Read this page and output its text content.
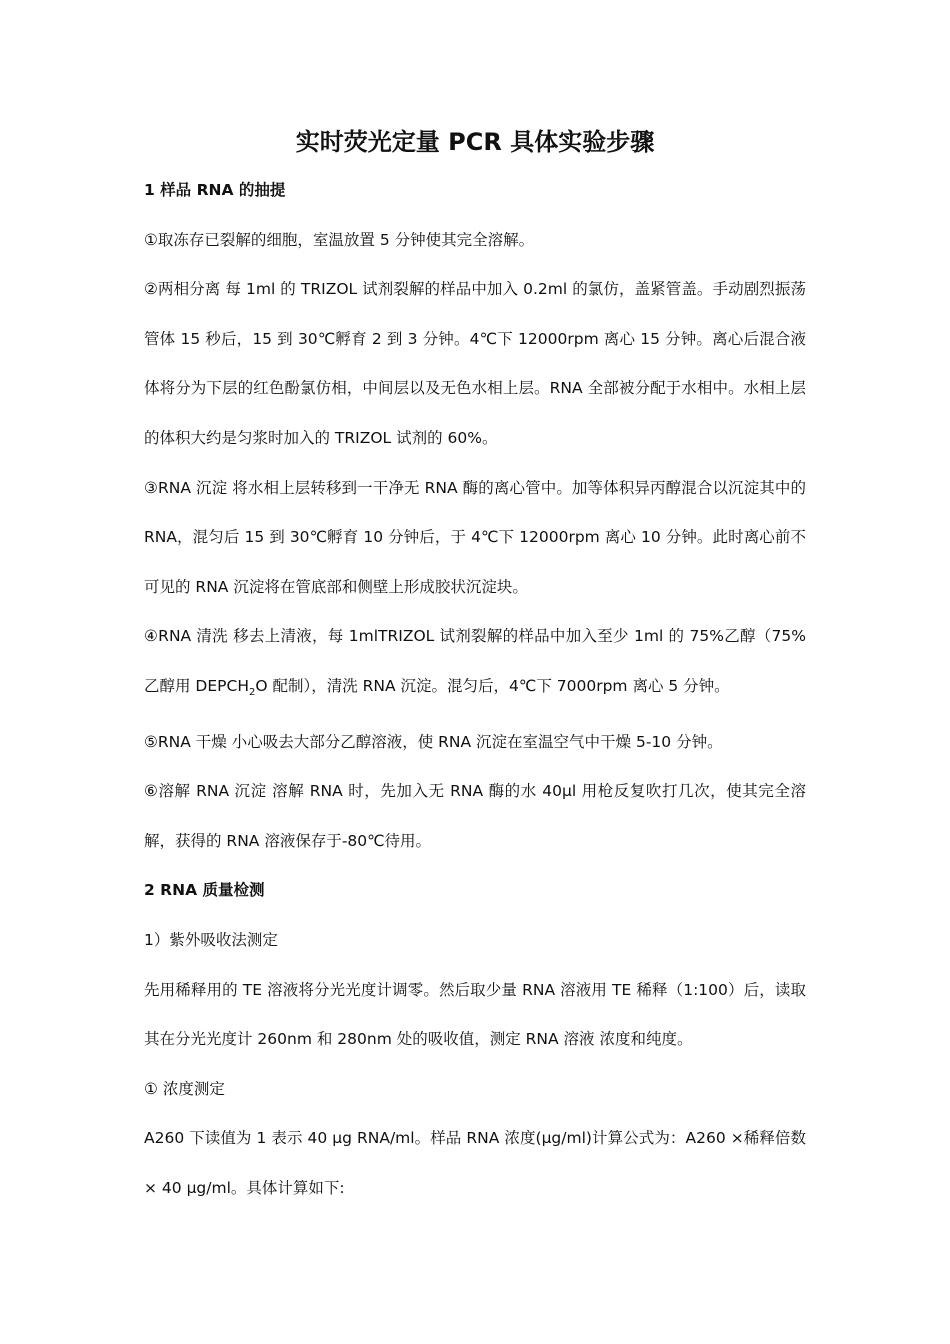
实时荧光定量 PCR 具体实验步骤

1 样品 RNA 的抽提

①取冻存已裂解的细胞，室温放置 5 分钟使其完全溶解。

②两相分离 每 1ml 的 TRIZOL 试剂裂解的样品中加入 0.2ml 的氯仿，盖紧管盖。手动剧烈振荡管体 15 秒后，15 到 30℃孵育 2 到 3 分钟。4℃下 12000rpm 离心 15 分钟。离心后混合液体将分为下层的红色酚氯仿相，中间层以及无色水相上层。RNA 全部被分配于水相中。水相上层的体积大约是匀浆时加入的 TRIZOL 试剂的 60%。

③RNA 沉淀 将水相上层转移到一干净无 RNA 酶的离心管中。加等体积异丙醇混合以沉淀其中的 RNA，混匀后 15 到 30℃孵育 10 分钟后，于 4℃下 12000rpm 离心 10 分钟。此时离心前不可见的 RNA 沉淀将在管底部和侧壁上形成胶状沉淀块。

④RNA 清洗 移去上清液，每 1mlTRIZOL 试剂裂解的样品中加入至少 1ml 的 75%乙醇（75%乙醇用 $DEPCH_2O$ 配制），清洗 RNA 沉淀。混匀后，4℃下 7000rpm 离心 5 分钟。

⑤RNA 干燥 小心吸去大部分乙醇溶液，使 RNA 沉淀在室温空气中干燥 5-10 分钟。

⑥溶解 RNA 沉淀 溶解 RNA 时，先加入无 RNA 酶的水 40μl 用枪反复吹打几次，使其完全溶解，获得的 RNA 溶液保存于-80℃待用。

2 RNA 质量检测

1）紫外吸收法测定

先用稀释用的 TE 溶液将分光光度计调零。然后取少量 RNA 溶液用 TE 稀释（1:100）后，读取其在分光光度计 260nm 和 280nm 处的吸收值，测定 RNA 溶液 浓度和纯度。

① 浓度测定

A260 下读值为 1 表示 40 μg RNA/ml。样品 RNA 浓度(μg/ml)计算公式为：A260 ×稀释倍数× 40 μg/ml。具体计算如下:
